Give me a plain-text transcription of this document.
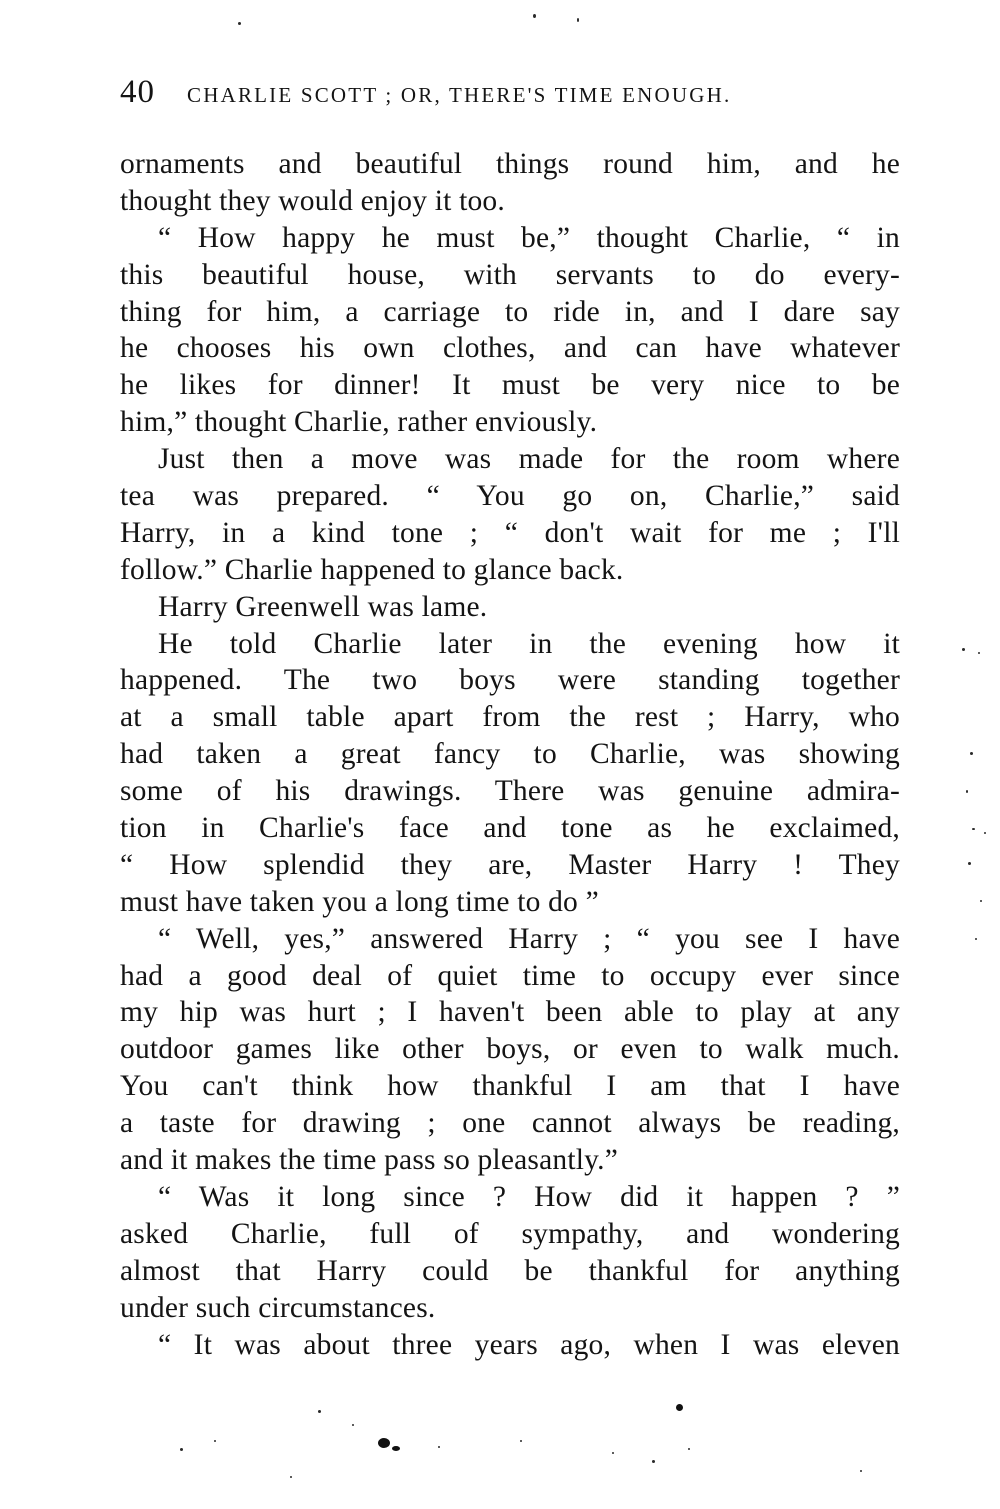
40 CHARLIE SCOTT ; OR, THERE'S TIME ENOUGH.
ornaments and beautiful things round him, and he
thought they would enjoy it too.
“ How happy he must be,” thought Charlie, “ in
this beautiful house, with servants to do every-
thing for him, a carriage to ride in, and I dare say
he chooses his own clothes, and can have whatever
he likes for dinner! It must be very nice to be
him,” thought Charlie, rather enviously.
Just then a move was made for the room where
tea was prepared. “ You go on, Charlie,” said
Harry, in a kind tone ; “ don't wait for me ; I'll
follow.” Charlie happened to glance back.
Harry Greenwell was lame.
He told Charlie later in the evening how it
happened. The two boys were standing together
at a small table apart from the rest ; Harry, who
had taken a great fancy to Charlie, was showing
some of his drawings. There was genuine admira-
tion in Charlie's face and tone as he exclaimed,
“ How splendid they are, Master Harry ! They
must have taken you a long time to do ”
“ Well, yes,” answered Harry ; “ you see I have
had a good deal of quiet time to occupy ever since
my hip was hurt ; I haven't been able to play at any
outdoor games like other boys, or even to walk much.
You can't think how thankful I am that I have
a taste for drawing ; one cannot always be reading,
and it makes the time pass so pleasantly.”
“ Was it long since ? How did it happen ? ”
asked Charlie, full of sympathy, and wondering
almost that Harry could be thankful for anything
under such circumstances.
“ It was about three years ago, when I was eleven
